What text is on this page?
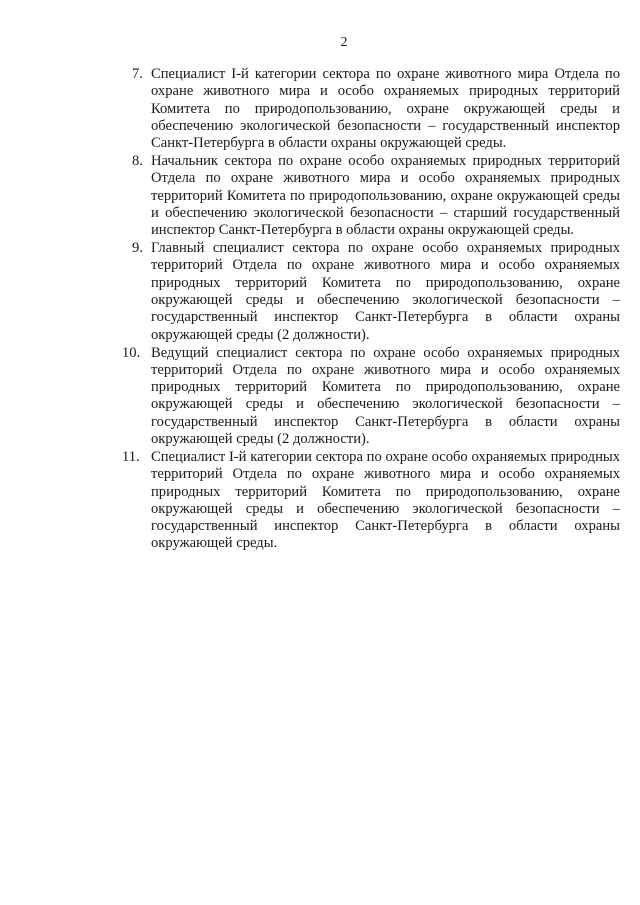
2
7. Специалист I-й категории сектора по охране животного мира Отдела по охране животного мира и особо охраняемых природных территорий Комитета по природопользованию, охране окружающей среды и обеспечению экологической безопасности – государственный инспектор Санкт-Петербурга в области охраны окружающей среды.
8. Начальник сектора по охране особо охраняемых природных территорий Отдела по охране животного мира и особо охраняемых природных территорий Комитета по природопользованию, охране окружающей среды и обеспечению экологической безопасности – старший государственный инспектор Санкт-Петербурга в области охраны окружающей среды.
9. Главный специалист сектора по охране особо охраняемых природных территорий Отдела по охране животного мира и особо охраняемых природных территорий Комитета по природопользованию, охране окружающей среды и обеспечению экологической безопасности – государственный инспектор Санкт-Петербурга в области охраны окружающей среды (2 должности).
10. Ведущий специалист сектора по охране особо охраняемых природных территорий Отдела по охране животного мира и особо охраняемых природных территорий Комитета по природопользованию, охране окружающей среды и обеспечению экологической безопасности – государственный инспектор Санкт-Петербурга в области охраны окружающей среды (2 должности).
11. Специалист I-й категории сектора по охране особо охраняемых природных территорий Отдела по охране животного мира и особо охраняемых природных территорий Комитета по природопользованию, охране окружающей среды и обеспечению экологической безопасности – государственный инспектор Санкт-Петербурга в области охраны окружающей среды.
